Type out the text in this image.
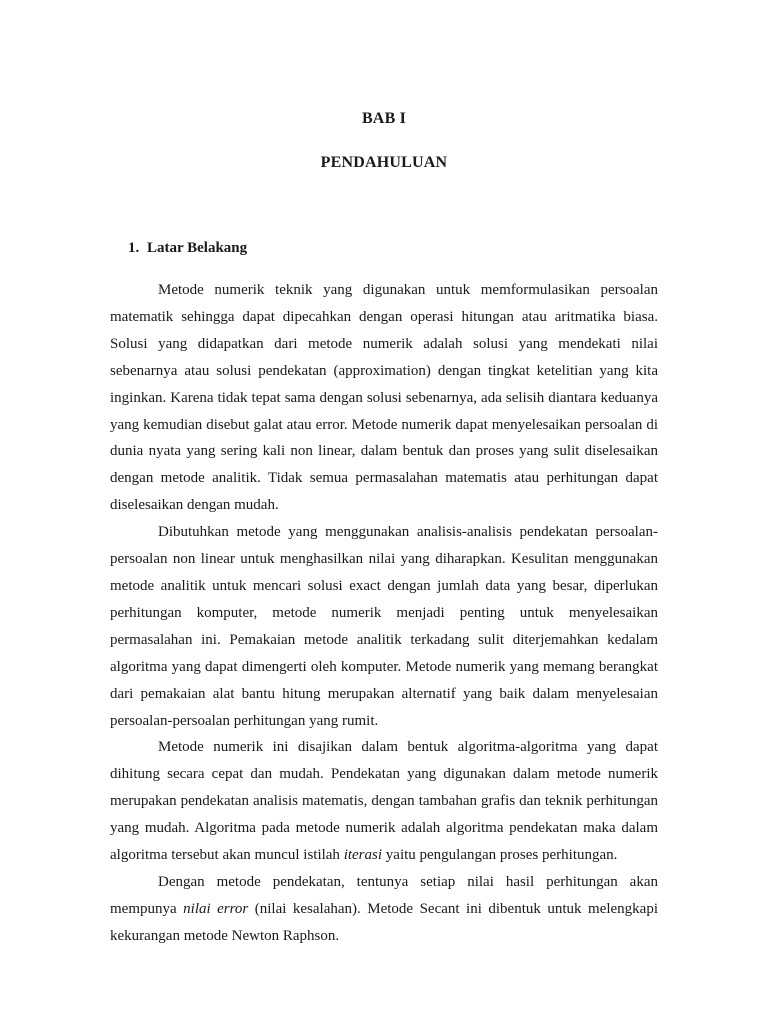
BAB I
PENDAHULUAN
1. Latar Belakang

Metode numerik teknik yang digunakan untuk memformulasikan persoalan matematik sehingga dapat dipecahkan dengan operasi hitungan atau aritmatika biasa. Solusi yang didapatkan dari metode numerik adalah solusi yang mendekati nilai sebenarnya atau solusi pendekatan (approximation) dengan tingkat ketelitian yang kita inginkan. Karena tidak tepat sama dengan solusi sebenarnya, ada selisih diantara keduanya yang kemudian disebut galat atau error. Metode numerik dapat menyelesaikan persoalan di dunia nyata yang sering kali non linear, dalam bentuk dan proses yang sulit diselesaikan dengan metode analitik. Tidak semua permasalahan matematis atau perhitungan dapat diselesaikan dengan mudah.

Dibutuhkan metode yang menggunakan analisis-analisis pendekatan persoalan-persoalan non linear untuk menghasilkan nilai yang diharapkan. Kesulitan menggunakan metode analitik untuk mencari solusi exact dengan jumlah data yang besar, diperlukan perhitungan komputer, metode numerik menjadi penting untuk menyelesaikan permasalahan ini. Pemakaian metode analitik terkadang sulit diterjemahkan kedalam algoritma yang dapat dimengerti oleh komputer. Metode numerik yang memang berangkat dari pemakaian alat bantu hitung merupakan alternatif yang baik dalam menyelesaian persoalan-persoalan perhitungan yang rumit.

Metode numerik ini disajikan dalam bentuk algoritma-algoritma yang dapat dihitung secara cepat dan mudah. Pendekatan yang digunakan dalam metode numerik merupakan pendekatan analisis matematis, dengan tambahan grafis dan teknik perhitungan yang mudah. Algoritma pada metode numerik adalah algoritma pendekatan maka dalam algoritma tersebut akan muncul istilah iterasi yaitu pengulangan proses perhitungan.

Dengan metode pendekatan, tentunya setiap nilai hasil perhitungan akan mempunya nilai error (nilai kesalahan). Metode Secant ini dibentuk untuk melengkapi kekurangan metode Newton Raphson.
